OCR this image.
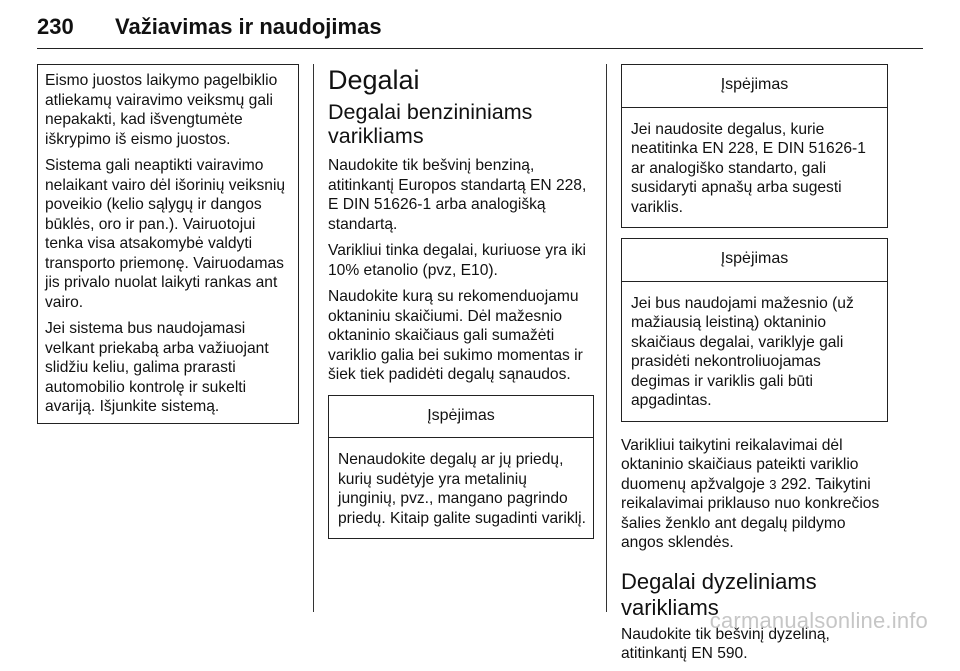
230 Važiavimas ir naudojimas

Eismo juostos laikymo pagelbiklio atliekamų vairavimo veiksmų gali nepakakti, kad išvengtumėte iškrypimo iš eismo juostos.

Sistema gali neaptikti vairavimo nelaikant vairo dėl išorinių veiksnių poveikio (kelio sąlygų ir dangos būklės, oro ir pan.). Vairuotojui tenka visa atsakomybė valdyti transporto priemonę. Vairuodamas jis privalo nuolat laikyti rankas ant vairo.

Jei sistema bus naudojamasi velkant priekabą arba važiuojant slidžiu keliu, galima prarasti automobilio kontrolę ir sukelti avariją. Išjunkite sistemą.

Degalai
Degalai benzininiams varikliams

Naudokite tik bešvinį benziną, atitinkantį Europos standartą EN 228, E DIN 51626-1 arba analogišką standartą.

Varikliui tinka degalai, kuriuose yra iki 10% etanolio (pvz, E10).

Naudokite kurą su rekomenduojamu oktaniniu skaičiumi. Dėl mažesnio oktaninio skaičiaus gali sumažėti variklio galia bei sukimo momentas ir šiek tiek padidėti degalų sąnaudos.

Įspėjimas
Nenaudokite degalų ar jų priedų, kurių sudėtyje yra metalinių junginių, pvz., mangano pagrindo priedų. Kitaip galite sugadinti variklį.
Įspėjimas
Jei naudosite degalus, kurie neatitinka EN 228, E DIN 51626-1 ar analogiško standarto, gali susidaryti apnašų arba sugesti variklis.
Įspėjimas
Jei bus naudojami mažesnio (už mažiausią leistiną) oktaninio skaičiaus degalai, variklyje gali prasidėti nekontroliuojamas degimas ir variklis gali būti apgadintas.

Varikliui taikytini reikalavimai dėl oktaninio skaičiaus pateikti variklio duomenų apžvalgoje 3 292. Taikytini reikalavimai priklauso nuo konkrečios šalies ženklo ant degalų pildymo angos sklendės.

Degalai dyzeliniams varikliams

Naudokite tik bešvinį dyzeliną, atitinkantį EN 590.

carmanualsonline.info
